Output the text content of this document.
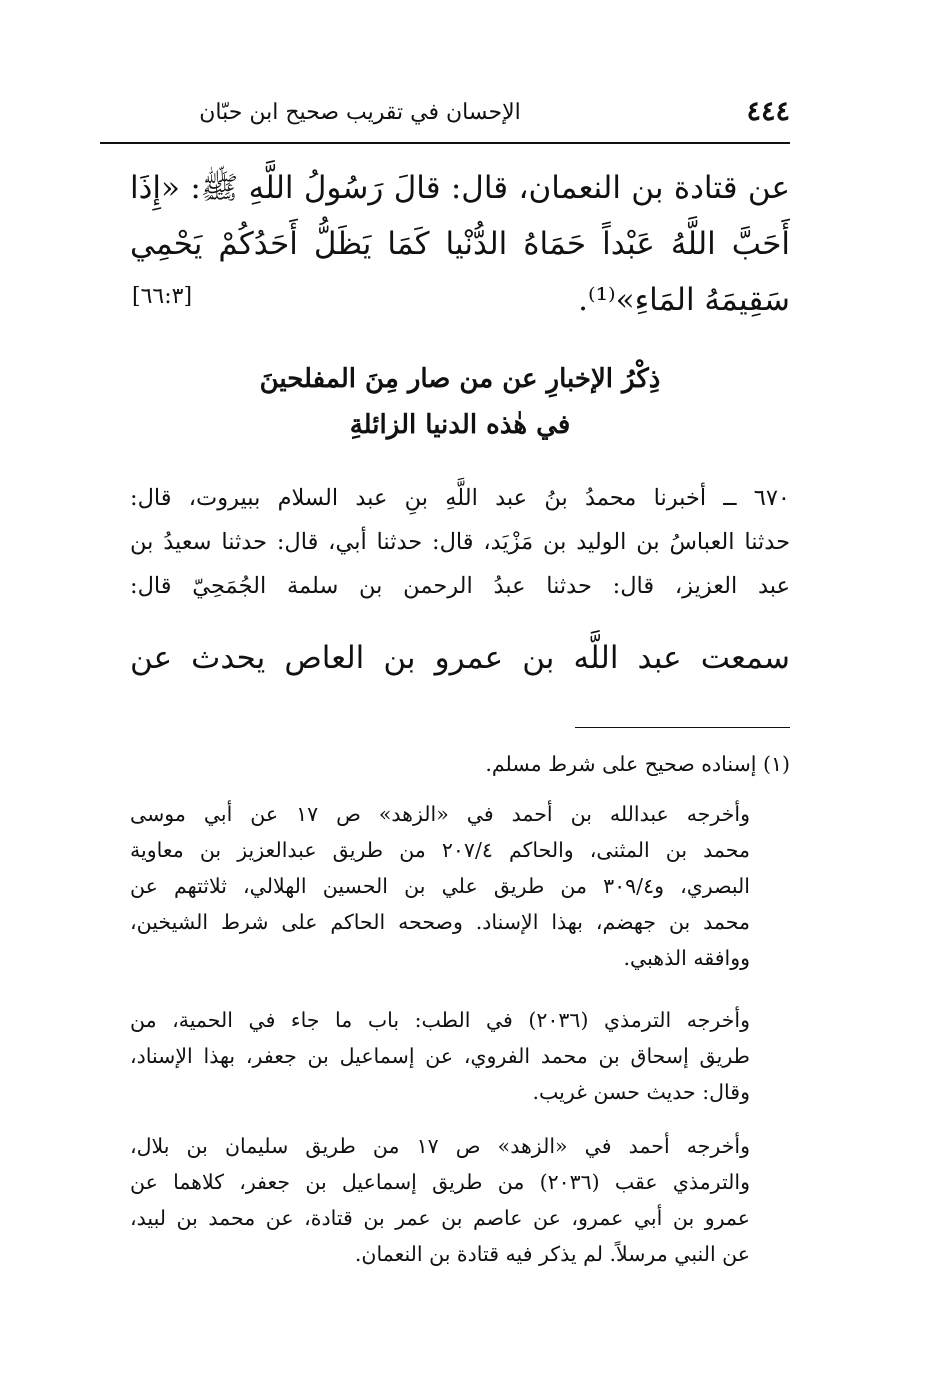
٤٤٤
الإحسان في تقريب صحيح ابن حبّان
عن قتادة بن النعمان، قال: قالَ رَسُولُ اللَّهِ ﷺ: «إِذَا
أَحَبَّ اللَّهُ عَبْداً حَمَاهُ الدُّنْيا كَمَا يَظَلُّ أَحَدُكُمْ يَحْمِي
سَقِيمَهُ المَاءِ»⁽¹⁾.
[٦٦:٣]
ذِكْرُ الإخبارِ عن من صار مِنَ المفلحينَ
في هٰذه الدنيا الزائلةِ
٦٧٠ ــ أخبرنا محمدُ بنُ عبد اللَّهِ بنِ عبد السلام ببيروت، قال:
حدثنا العباسُ بن الوليد بن مَزْيَد، قال: حدثنا أبي، قال: حدثنا سعيدُ بن
عبد العزيز، قال: حدثنا عبدُ الرحمن بن سلمة الجُمَحِيّ قال:
سمعت عبد اللَّه بن عمرو بن العاص يحدث عن
(١) إسناده صحيح على شرط مسلم.
وأخرجه عبدالله بن أحمد في «الزهد» ص ١٧ عن أبي موسى
محمد بن المثنى، والحاكم ٢٠٧/٤ من طريق عبدالعزيز بن معاوية
البصري، و٣٠٩/٤ من طريق علي بن الحسين الهلالي، ثلاثتهم عن
محمد بن جهضم، بهذا الإسناد. وصححه الحاكم على شرط الشيخين،
ووافقه الذهبي.
وأخرجه الترمذي (٢٠٣٦) في الطب: باب ما جاء في الحمية، من
طريق إسحاق بن محمد الفروي، عن إسماعيل بن جعفر، بهذا الإسناد،
وقال: حديث حسن غريب.
وأخرجه أحمد في «الزهد» ص ١٧ من طريق سليمان بن بلال،
والترمذي عقب (٢٠٣٦) من طريق إسماعيل بن جعفر، كلاهما عن
عمرو بن أبي عمرو، عن عاصم بن عمر بن قتادة، عن محمد بن لبيد،
عن النبي مرسلاً. لم يذكر فيه قتادة بن النعمان.
